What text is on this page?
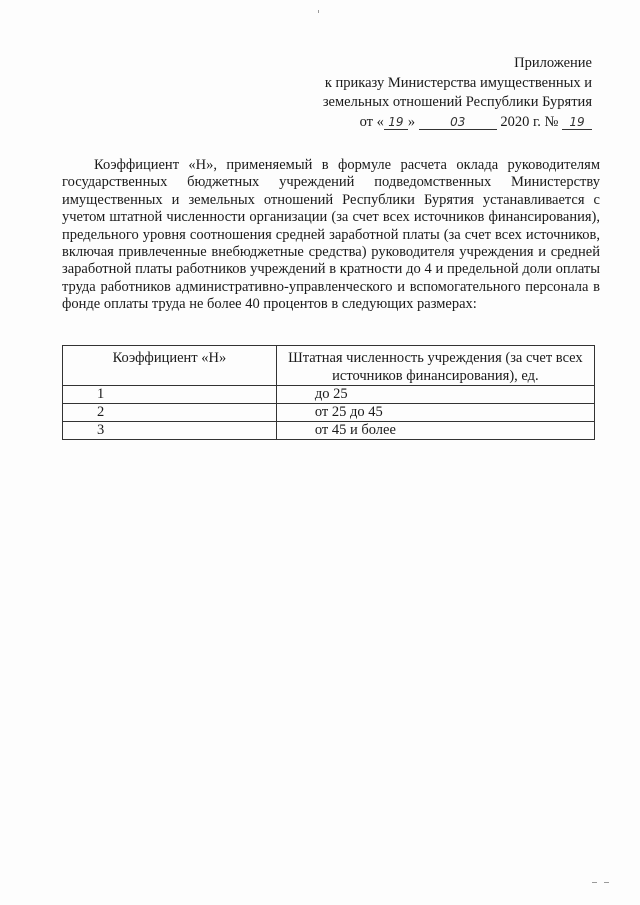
Приложение
к приказу Министерства имущественных и
земельных отношений Республики Бурятия
от « 19 »	03 2020 г. № 19

Коэффициент «Н», применяемый в формуле расчета оклада руководителям государственных бюджетных учреждений подведомственных Министерству имущественных и земельных отношений Республики Бурятия устанавливается с учетом штатной численности организации (за счет всех источников финансирования), предельного уровня соотношения средней заработной платы (за счет всех источников, включая привлеченные внебюджетные средства) руководителя учреждения и средней заработной платы работников учреждений в кратности до 4 и предельной доли оплаты труда работников административно-управленческого и вспомогательного персонала в фонде оплаты труда не более 40 процентов в следующих размерах:

Коэффициент «Н»	Штатная численность учреждения (за счет всех источников финансирования), ед.
1	до 25
2	от 25 до 45
3	от 45 и более
